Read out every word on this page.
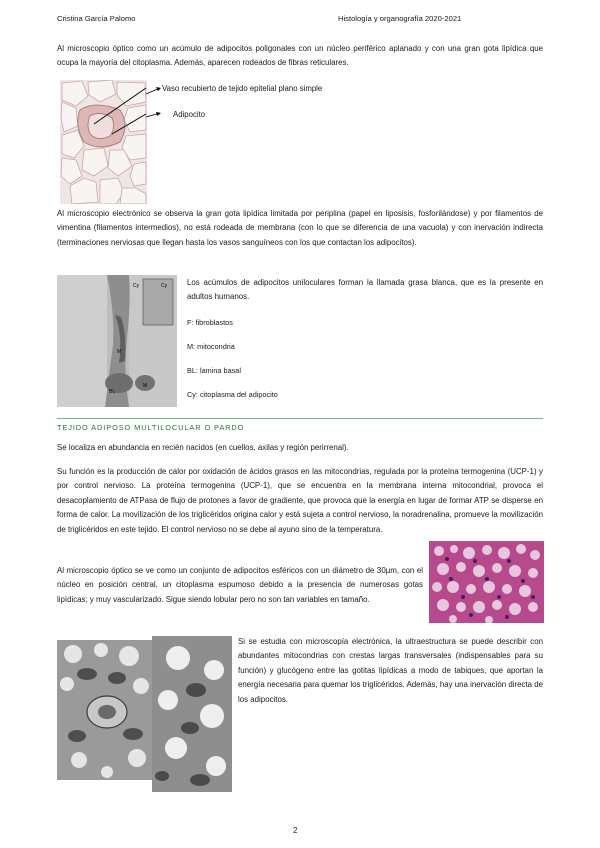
Cristina García Palomo	Histología y organografía 2020-2021

Al microscopio óptico como un acúmulo de adipocitos poligonales con un núcleo periférico aplanado y con una gran gota lipídica que ocupa la mayoría del citoplasma. Además, aparecen rodeados de fibras reticulares.

Vaso recubierto de tejido epitelial plano simple
Adipocito

Al microscopio electrónico se observa la gran gota lipídica limitada por periplina (papel en liposisis, fosforilándose) y por filamentos de vimentina (filamentos intermedios), no está rodeada de membrana (con lo que se diferencia de una vacuola) y con inervación indirecta (terminaciones nerviosas que llegan hasta los vasos sanguíneos con los que contactan los adipocitos).

Cy
Cy
M
M
BL

Los acúmulos de adipocitos uniloculares forman la llamada grasa blanca, que es la presente en adultos humanos.

F: fibroblastos
M: mitocondria
BL: lamina basal
Cy: citoplasma del adipocito
TEJIDO ADIPOSO MULTILOCULAR O PARDO

Se localiza en abundancia en recién nacidos (en cuellos, axilas y región perirrenal).

Su función es la producción de calor por oxidación de ácidos grasos en las mitocondrias, regulada por la proteína termogenina (UCP-1) y por control nervioso. La proteína termogenina (UCP-1), que se encuentra en la membrana interna mitocondrial, provoca el desacoplamiento de ATPasa de flujo de protones a favor de gradiente, que provoca que la energía en lugar de formar ATP se disperse en forma de calor. La movilización de los triglicéridos origina calor y está sujeta a control nervioso, la noradrenalina, promueve la movilización de triglicéridos en este tejido. El control nervioso no se debe al ayuno sino de la temperatura.

Al microscopio óptico se ve como un conjunto de adipocitos esféricos con un diámetro de 30µm, con el núcleo en posición central, un citoplasma espumoso debido a la presencia de numerosas gotas lipídicas; y muy vascularizado. Sigue siendo lobular pero no son tan variables en tamaño.

Si se estudia con microscopía electrónica, la ultraestructura se puede describir con abundantes mitocondrias con crestas largas transversales (indispensables para su función) y glucógeno entre las gotitas lipídicas a modo de tabiques, que aportan la energía necesaria para quemar los triglicéridos. Además, hay una inervación directa de los adipocitos.

2
